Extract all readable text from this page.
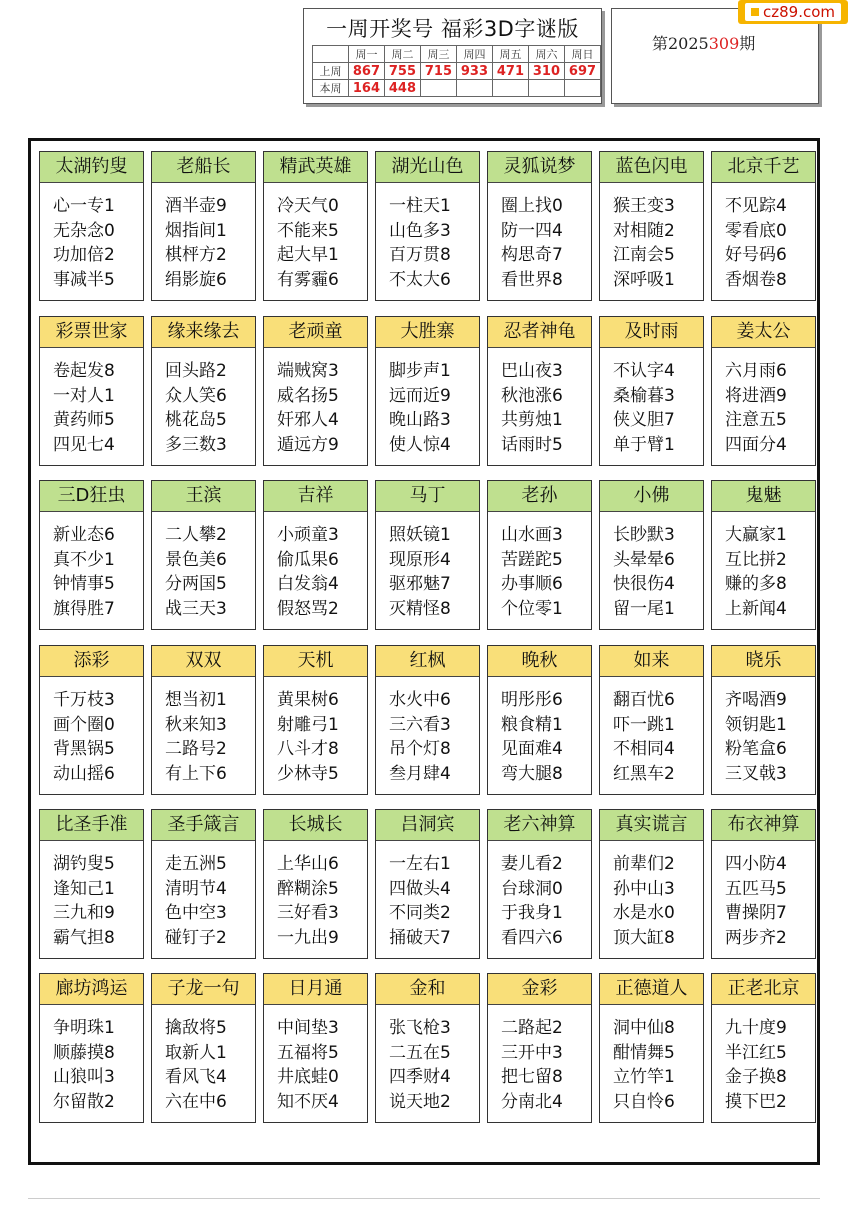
一周开奖号 福彩3D字谜版
	周一	周二	周三	周四	周五	周六	周日
上周	867	755	715	933	471	310	697
本周	164	448					
第2025309期
cz89.com
太湖钓叟
心一专1
无杂念0
功加倍2
事减半5
老船长
酒半壶9
烟指间1
棋枰方2
绢影旋6
精武英雄
冷天气0
不能来5
起大早1
有雾霾6
湖光山色
一柱天1
山色多3
百万贯8
不太大6
灵狐说梦
圈上找0
防一四4
构思奇7
看世界8
蓝色闪电
猴王变3
对相随2
江南会5
深呼吸1
北京千艺
不见踪4
零看底0
好号码6
香烟卷8
彩票世家
卷起发8
一对人1
黄药师5
四见七4
缘来缘去
回头路2
众人笑6
桃花岛5
多三数3
老顽童
端贼窝3
威名扬5
奸邪人4
遁远方9
大胜寨
脚步声1
远而近9
晚山路3
使人惊4
忍者神龟
巴山夜3
秋池涨6
共剪烛1
话雨时5
及时雨
不认字4
桑榆暮3
侠义胆7
单于臂1
姜太公
六月雨6
将进酒9
注意五5
四面分4
三D狂虫
新业态6
真不少1
钟情事5
旗得胜7
王滨
二人攀2
景色美6
分两国5
战三天3
吉祥
小顽童3
偷瓜果6
白发翁4
假怒骂2
马丁
照妖镜1
现原形4
驱邪魅7
灭精怪8
老孙
山水画3
苦蹉跎5
办事顺6
个位零1
小佛
长眇默3
头晕晕6
快很伤4
留一尾1
鬼魅
大赢家1
互比拼2
赚的多8
上新闻4
添彩
千万枝3
画个圈0
背黑锅5
动山摇6
双双
想当初1
秋来知3
二路号2
有上下6
天机
黄果树6
射雕弓1
八斗才8
少林寺5
红枫
水火中6
三六看3
吊个灯8
叁月肆4
晚秋
明彤彤6
粮食精1
见面难4
弯大腿8
如来
翻百忧6
吓一跳1
不相同4
红黑车2
晓乐
齐喝酒9
领钥匙1
粉笔盒6
三叉戟3
比圣手准
湖钓叟5
逢知己1
三九和9
霸气担8
圣手箴言
走五洲5
清明节4
色中空3
碰钉子2
长城长
上华山6
醉糊涂5
三好看3
一九出9
吕洞宾
一左右1
四做头4
不同类2
捅破天7
老六神算
妻儿看2
台球洞0
于我身1
看四六6
真实谎言
前辈们2
孙中山3
水是水0
顶大缸8
布衣神算
四小防4
五匹马5
曹操阴7
两步齐2
廊坊鸿运
争明珠1
顺藤摸8
山狼叫3
尔留散2
子龙一句
擒敌将5
取新人1
看风飞4
六在中6
日月通
中间垫3
五福将5
井底蛙0
知不厌4
金和
张飞枪3
二五在5
四季财4
说天地2
金彩
二路起2
三开中3
把七留8
分南北4
正德道人
洞中仙8
酣情舞5
立竹竿1
只自怜6
正老北京
九十度9
半江红5
金子换8
摸下巴2
